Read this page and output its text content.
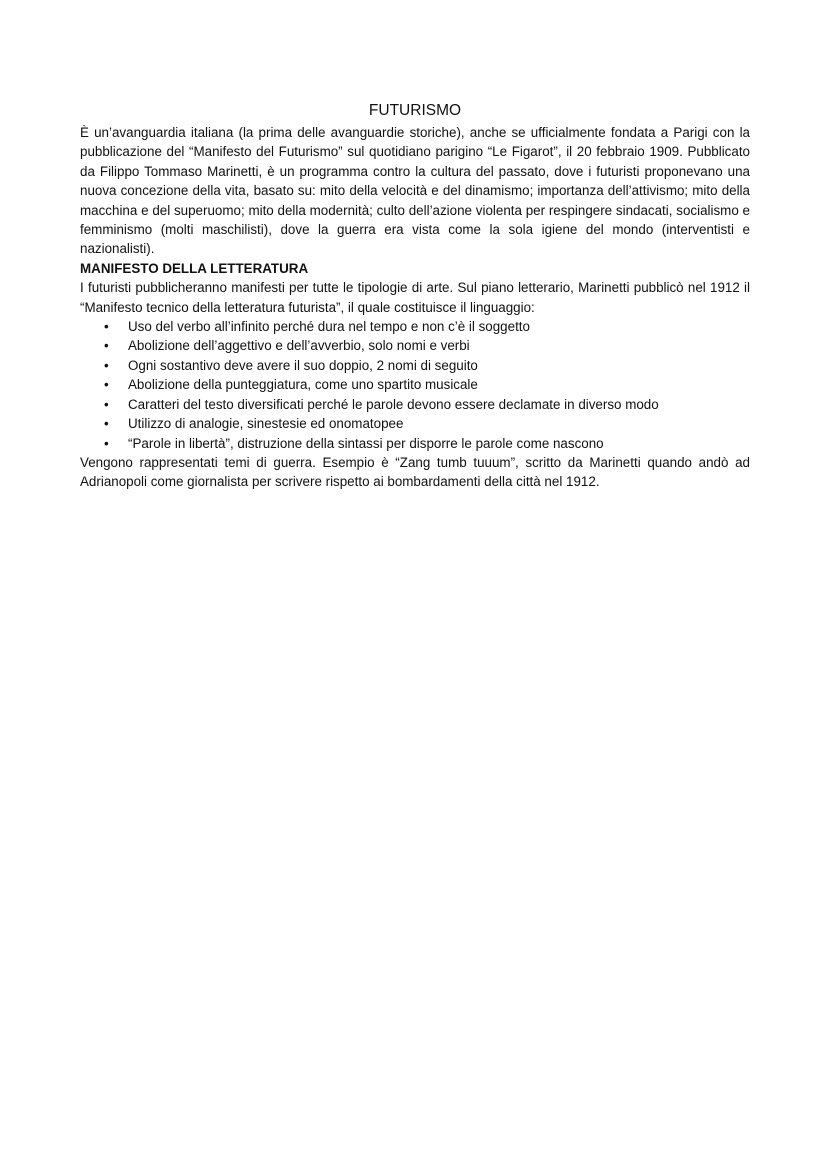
FUTURISMO

È un’avanguardia italiana (la prima delle avanguardie storiche), anche se ufficialmente fondata a Parigi con la pubblicazione del “Manifesto del Futurismo” sul quotidiano parigino “Le Figarot”, il 20 febbraio 1909. Pubblicato da Filippo Tommaso Marinetti, è un programma contro la cultura del passato, dove i futuristi proponevano una nuova concezione della vita, basato su: mito della velocità e del dinamismo; importanza dell’attivismo; mito della macchina e del superuomo; mito della modernità; culto dell’azione violenta per respingere sindacati, socialismo e femminismo (molti maschilisti), dove la guerra era vista come la sola igiene del mondo (interventisti e nazionalisti).

MANIFESTO DELLA LETTERATURA

I futuristi pubblicheranno manifesti per tutte le tipologie di arte. Sul piano letterario, Marinetti pubblicò nel 1912 il “Manifesto tecnico della letteratura futurista”, il quale costituisce il linguaggio:

• Uso del verbo all’infinito perché dura nel tempo e non c’è il soggetto
• Abolizione dell’aggettivo e dell’avverbio, solo nomi e verbi
• Ogni sostantivo deve avere il suo doppio, 2 nomi di seguito
• Abolizione della punteggiatura, come uno spartito musicale
• Caratteri del testo diversificati perché le parole devono essere declamate in diverso modo
• Utilizzo di analogie, sinestesie ed onomatopee
• “Parole in libertà”, distruzione della sintassi per disporre le parole come nascono

Vengono rappresentati temi di guerra. Esempio è “Zang tumb tuuum”, scritto da Marinetti quando andò ad Adrianopoli come giornalista per scrivere rispetto ai bombardamenti della città nel 1912.
